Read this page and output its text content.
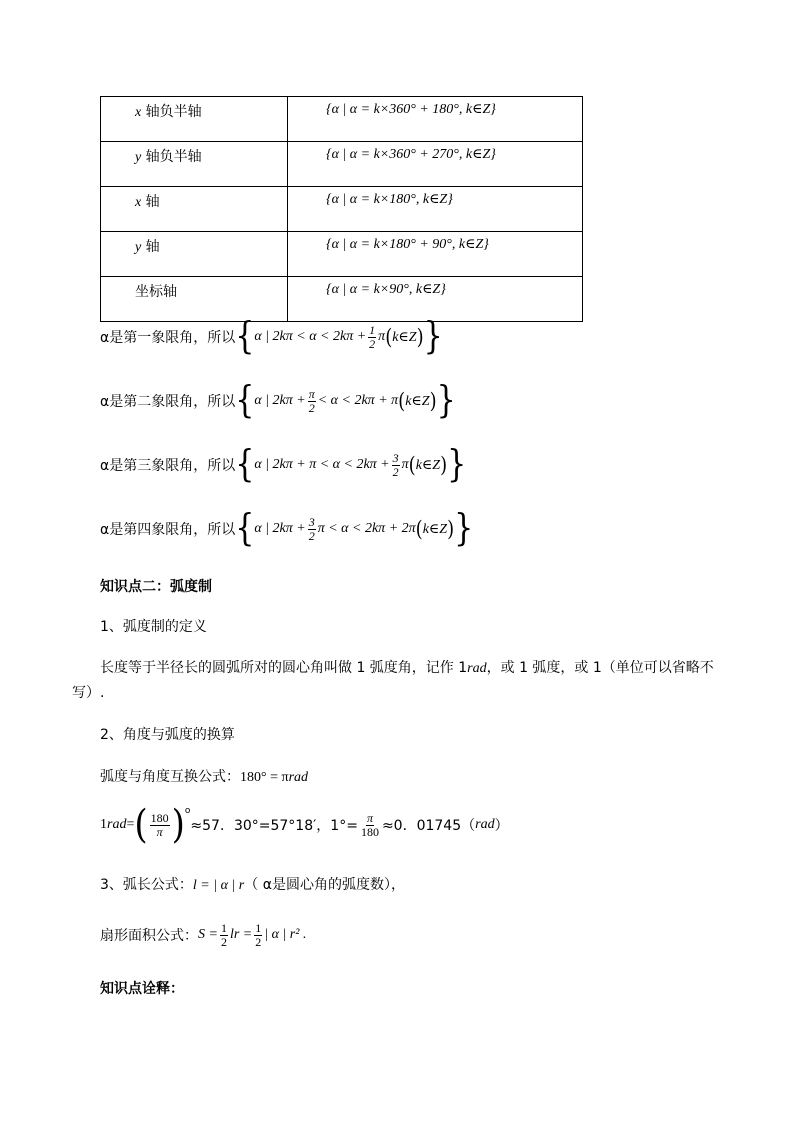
x 轴负半轴	{α | α = k×360° + 180°, k∈Z}

y 轴负半轴	{α | α = k×360° + 270°, k∈Z}

x 轴	{α | α = k×180°, k∈Z}

y 轴	{α | α = k×180° + 90°, k∈Z}

坐标轴	{α | α = k×90°, k∈Z}
α是第一象限角，所以 { α | $2k\pi < \alpha < 2k\pi + \frac{1}{2}$ π ( k∈Z ) }
α是第二象限角，所以 { α | $2k\pi + \frac{\pi}{2} < \alpha < 2k\pi + \pi$ ( k∈Z ) }
α是第三象限角，所以 { α | $2k\pi + \pi < \alpha < 2k\pi + \frac{3}{2}$ π ( k∈Z ) }
α是第四象限角，所以 { α | $2k\pi + \frac{3}{2}$ π < α < 2kπ + 2π ( k∈Z ) }
知识点二：弧度制
1、弧度制的定义
长度等于半径长的圆弧所对的圆心角叫做 1 弧度角，记作 1rad，或 1 弧度，或 1（单位可以省略不写）.
2、角度与弧度的换算
弧度与角度互换公式：180° = πrad
1 rad = ( $\frac{180}{\pi}$ ) o
≈57．30°=57°18′，$1^\circ= \frac{\pi}{180} \approx 0$．01745（ rad ）
3、弧长公式：l = | α | r（ α是圆心角的弧度数），
扇形面积公式： $S = \frac{1}{2}$ lr = $\frac{1}{2}$ | α | r² .
知识点诠释：
